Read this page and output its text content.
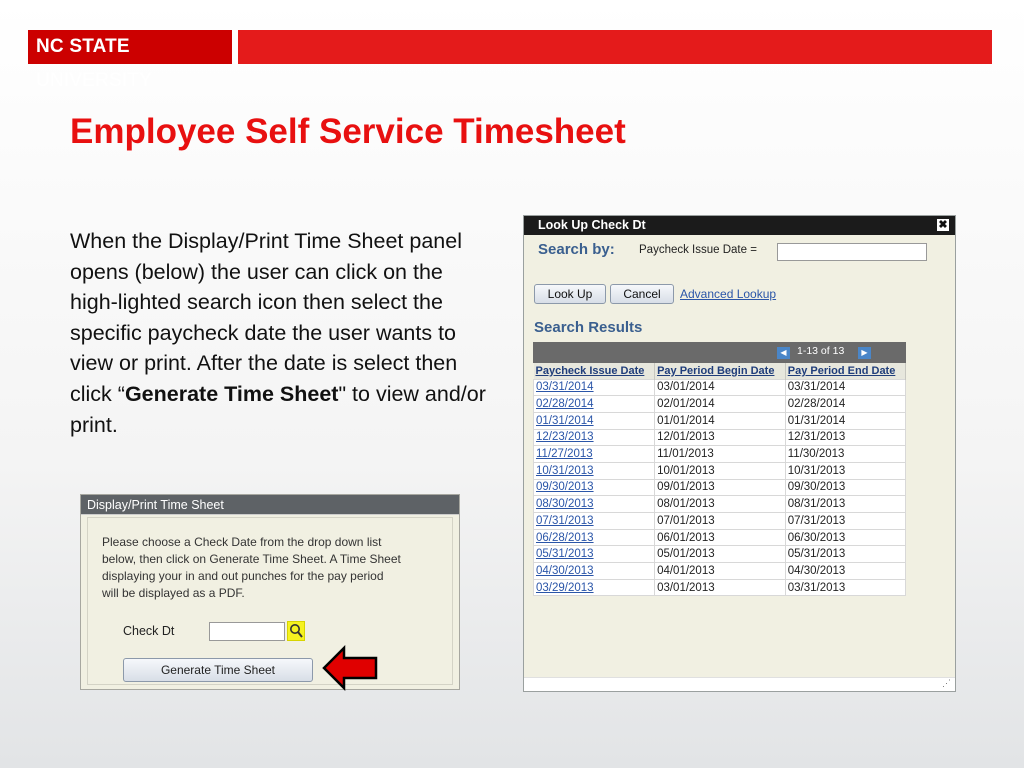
NC STATE UNIVERSITY
Employee Self Service Timesheet
When the Display/Print Time Sheet panel opens (below) the user can click on the high-lighted search icon then select the specific paycheck date the user wants to view or print. After the date is select then click “Generate Time Sheet" to view and/or print.
Display/Print Time Sheet
Please choose a Check Date from the drop down list below, then click on Generate Time Sheet. A Time Sheet displaying your in and out punches for the pay period will be displayed as a PDF.
Check Dt
Generate Time Sheet
Look Up Check Dt	✖
Search by: Paycheck Issue Date =
Look Up	Cancel	Advanced Lookup
Search Results
◀ 1-13 of 13	▶
Paycheck Issue Date	Pay Period Begin Date	Pay Period End Date
03/31/2014	03/01/2014	03/31/2014
02/28/2014	02/01/2014	02/28/2014
01/31/2014	01/01/2014	01/31/2014
12/23/2013	12/01/2013	12/31/2013
11/27/2013	11/01/2013	11/30/2013
10/31/2013	10/01/2013	10/31/2013
09/30/2013	09/01/2013	09/30/2013
08/30/2013	08/01/2013	08/31/2013
07/31/2013	07/01/2013	07/31/2013
06/28/2013	06/01/2013	06/30/2013
05/31/2013	05/01/2013	05/31/2013
04/30/2013	04/01/2013	04/30/2013
03/29/2013	03/01/2013	03/31/2013
⋰
